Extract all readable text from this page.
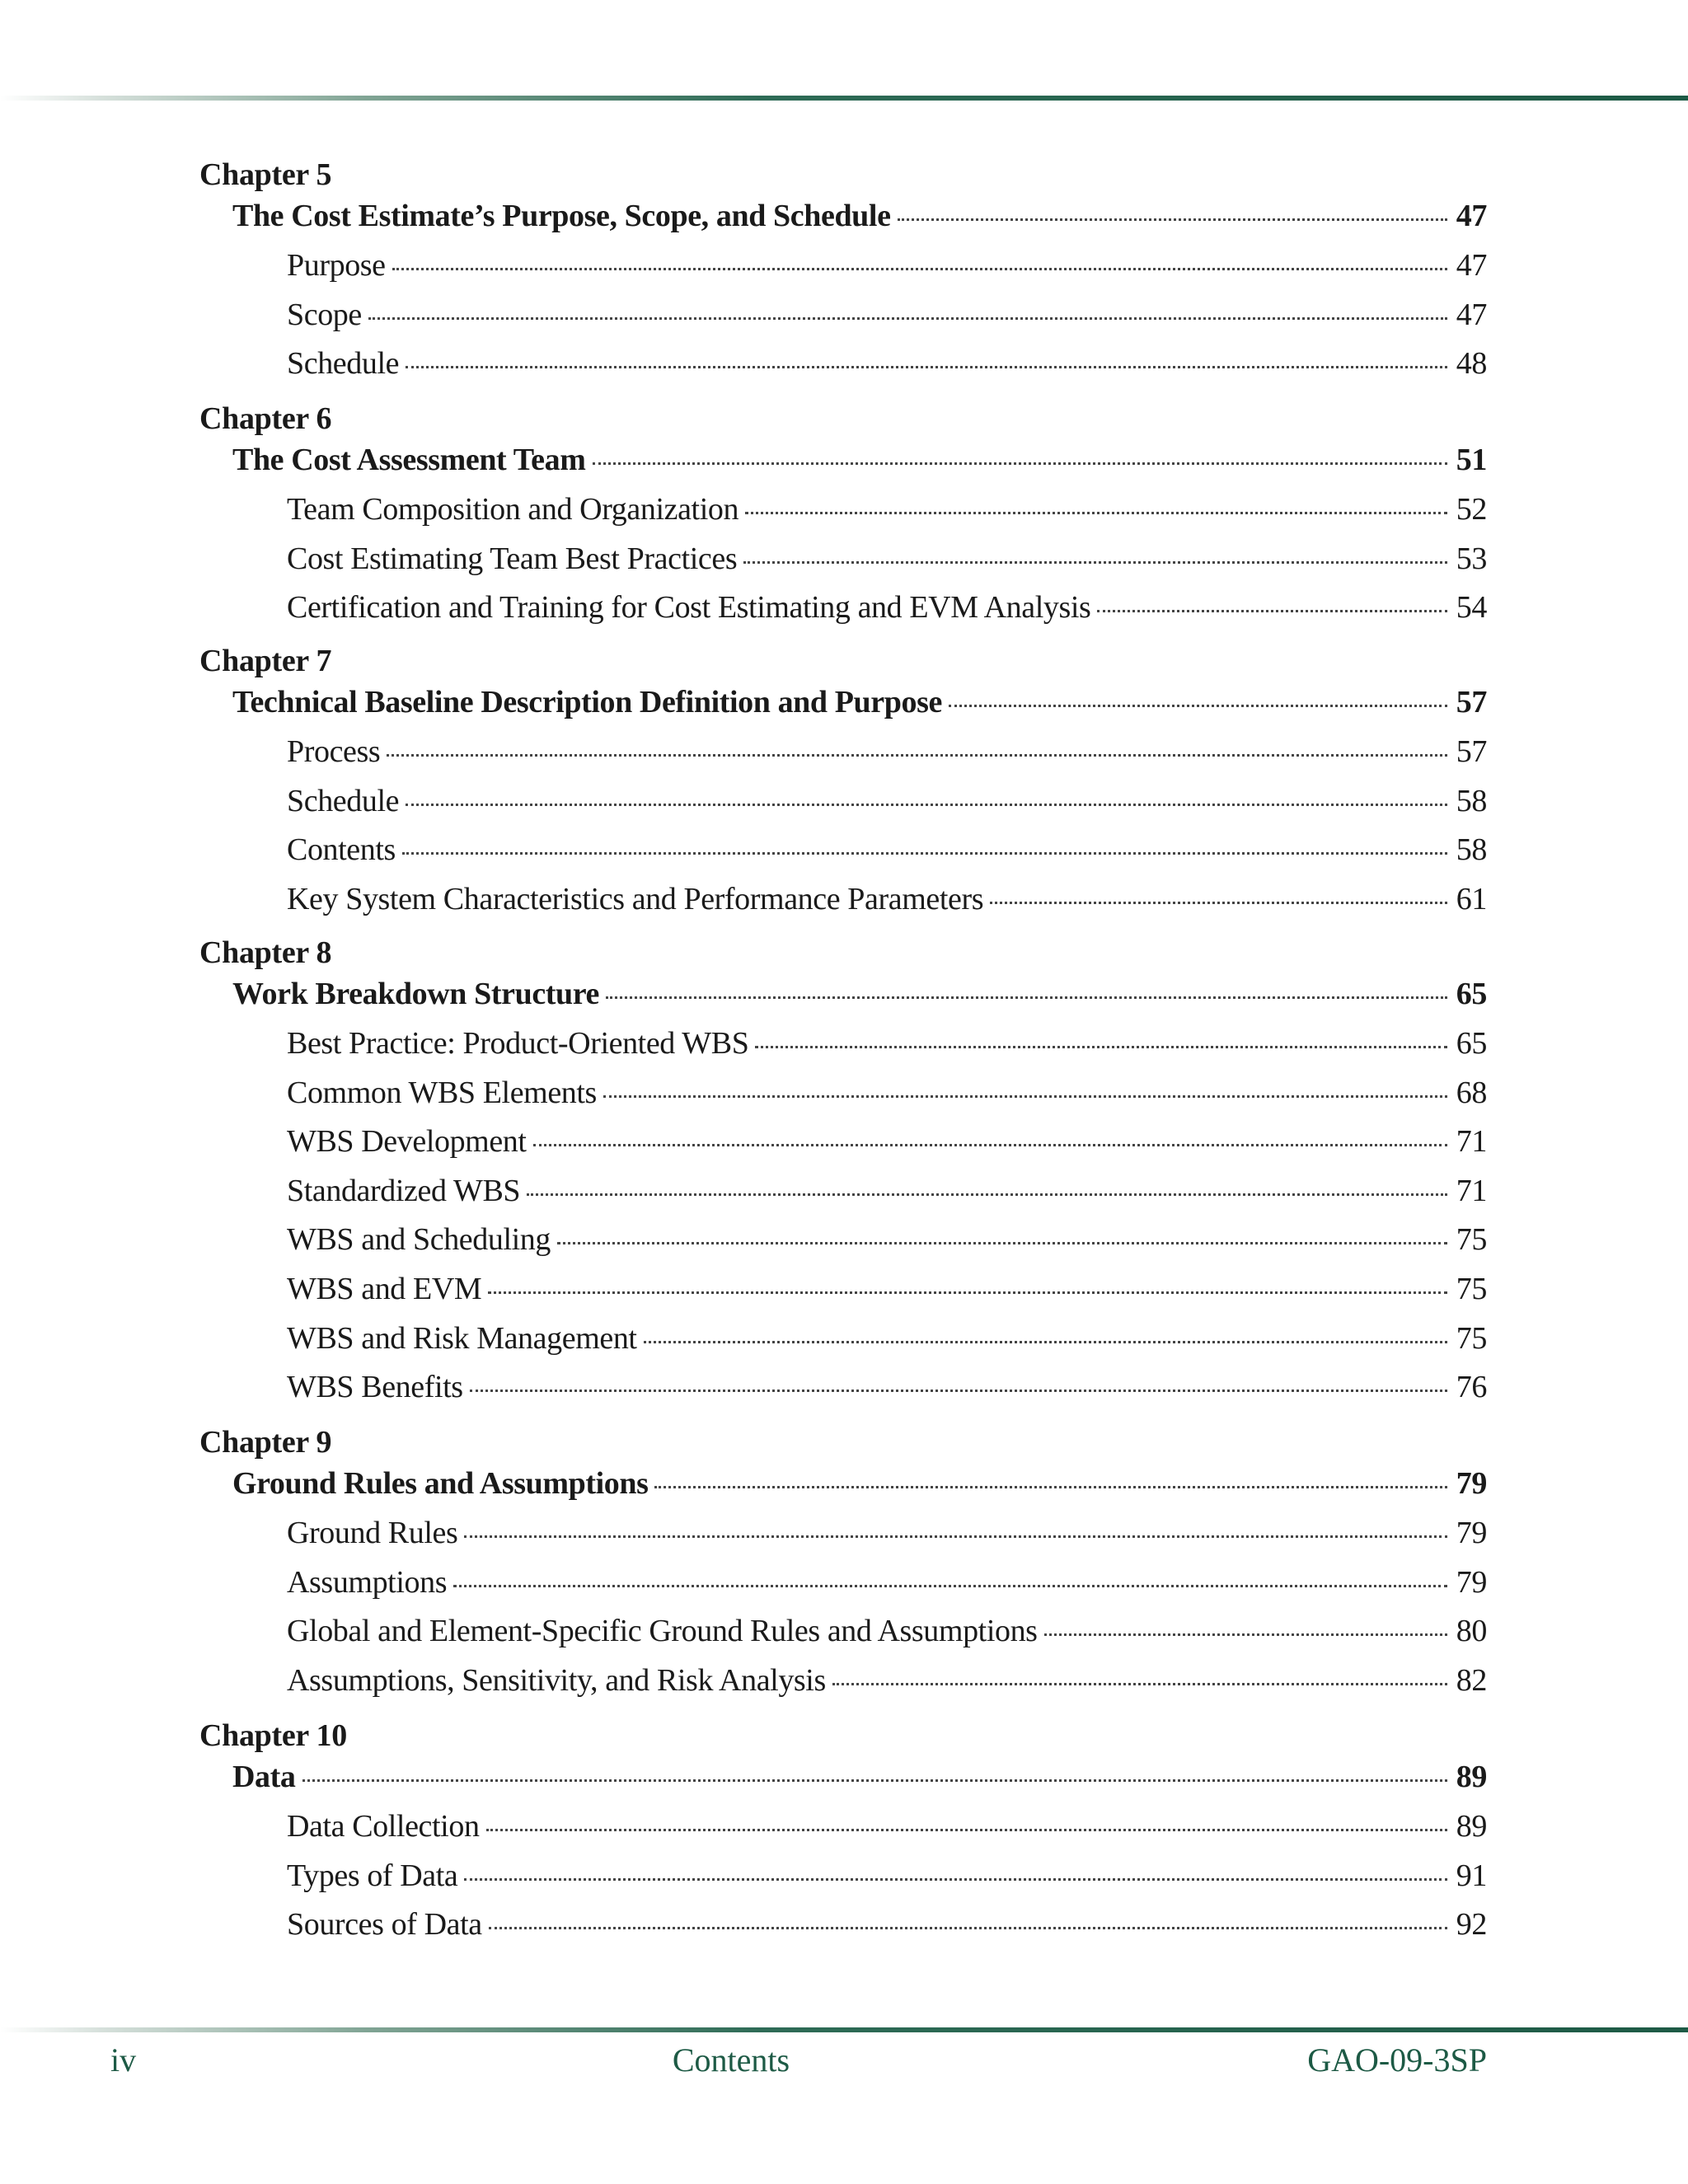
Chapter 5
The Cost Estimate’s Purpose, Scope, and Schedule	47
Purpose	47
Scope	47
Schedule	48
Chapter 6
The Cost Assessment Team	51
Team Composition and Organization	52
Cost Estimating Team Best Practices	53
Certification and Training for Cost Estimating and EVM Analysis	54
Chapter 7
Technical Baseline Description Definition and Purpose	57
Process	57
Schedule	58
Contents	58
Key System Characteristics and Performance Parameters	61
Chapter 8
Work Breakdown Structure	65
Best Practice: Product-Oriented WBS	65
Common WBS Elements	68
WBS Development	71
Standardized WBS	71
WBS and Scheduling	75
WBS and EVM	75
WBS and Risk Management	75
WBS Benefits	76
Chapter 9
Ground Rules and Assumptions	79
Ground Rules	79
Assumptions	79
Global and Element-Specific Ground Rules and Assumptions	80
Assumptions, Sensitivity, and Risk Analysis	82
Chapter 10
Data	89
Data Collection	89
Types of Data	91
Sources of Data	92
iv	Contents	GAO-09-3SP
